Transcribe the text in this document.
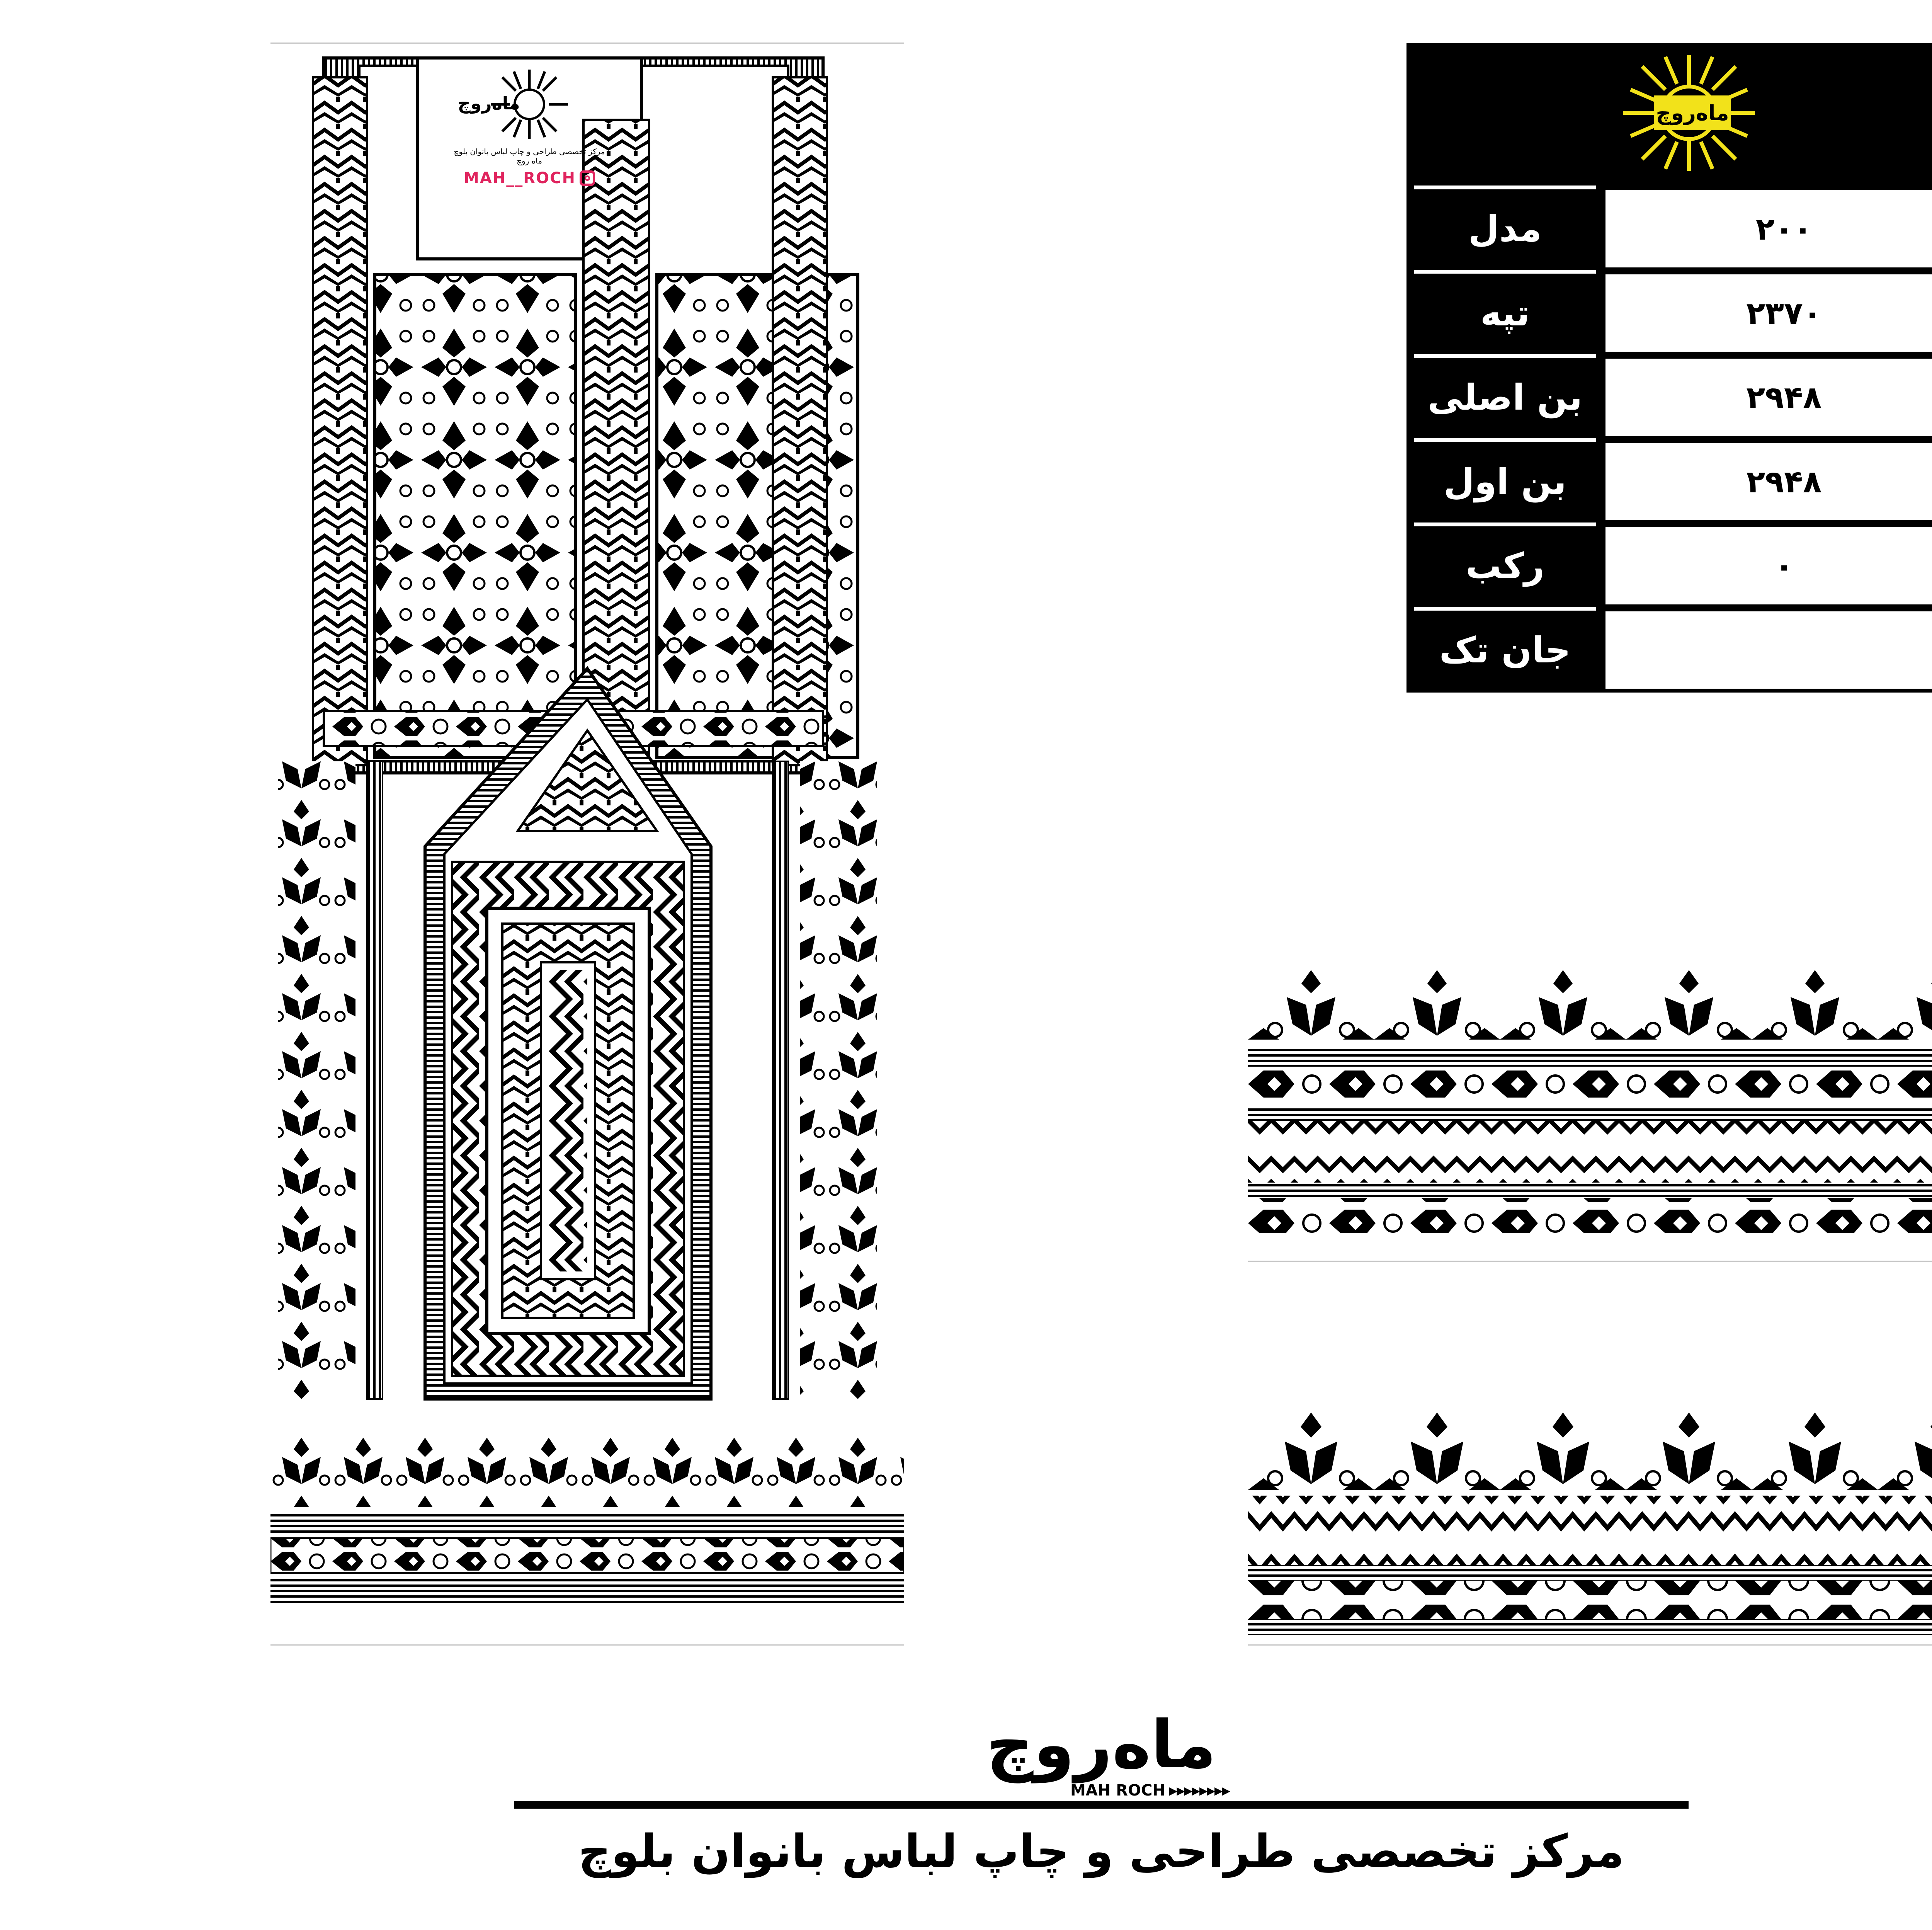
ماه‌روچ
مرکز تخصصی طراحی و چاپ لباس بانوان بلوچ
ماه روچ
MAH__ROCH
ماه‌روچ
مدل	۲۰۰
تپه	۲۳۷۰
بن اصلی	۲۹۴۸
بن اول	۲۹۴۸
رکب	۰
جان تک
ماه‌روچ
MAH ROCH ▶▶▶▶▶▶▶▶
مرکز تخصصی طراحی و چاپ لباس بانوان بلوچ
